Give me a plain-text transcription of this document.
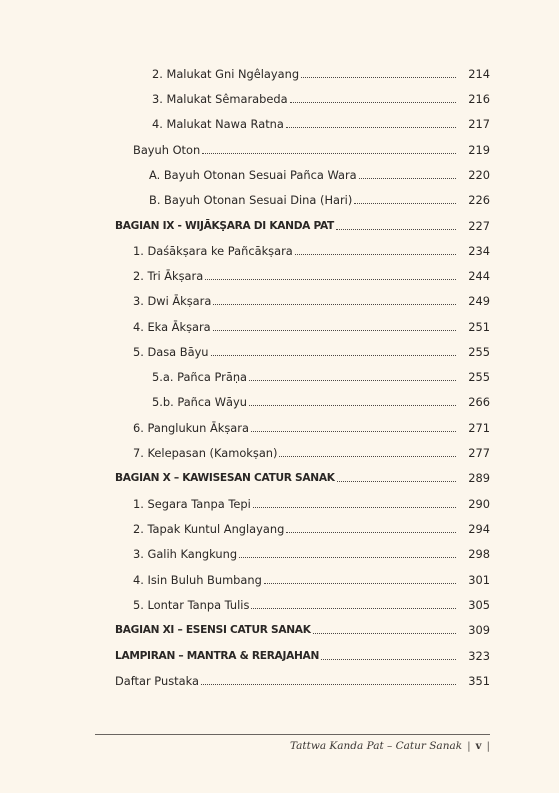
2. Malukat Gni Ngêlayang	214
3. Malukat Sêmarabeda	216
4. Malukat Nawa Ratna	217
Bayuh Oton	219
A. Bayuh Otonan Sesuai Pañca Wara	220
B. Bayuh Otonan Sesuai Dina (Hari)	226
BAGIAN IX - WIJĀKṢARA DI KANDA PAT	227
1. Daśākṣara ke Pañcākṣara	234
2. Tri Ākṣara	244
3. Dwi Ākṣara	249
4. Eka Ākṣara	251
5. Dasa Bāyu	255
5.a. Pañca Prāṇa	255
5.b. Pañca Wāyu	266
6. Panglukun Ākṣara	271
7. Kelepasan (Kamokṣan)	277
BAGIAN X – KAWISESAN CATUR SANAK	289
1. Segara Tanpa Tepi	290
2. Tapak Kuntul Anglayang	294
3. Galih Kangkung	298
4. Isin Buluh Bumbang	301
5. Lontar Tanpa Tulis	305
BAGIAN XI – ESENSI CATUR SANAK	309
LAMPIRAN – MANTRA & RERAJAHAN	323
Daftar Pustaka	351
Tattwa Kanda Pat – Catur Sanak | v |
